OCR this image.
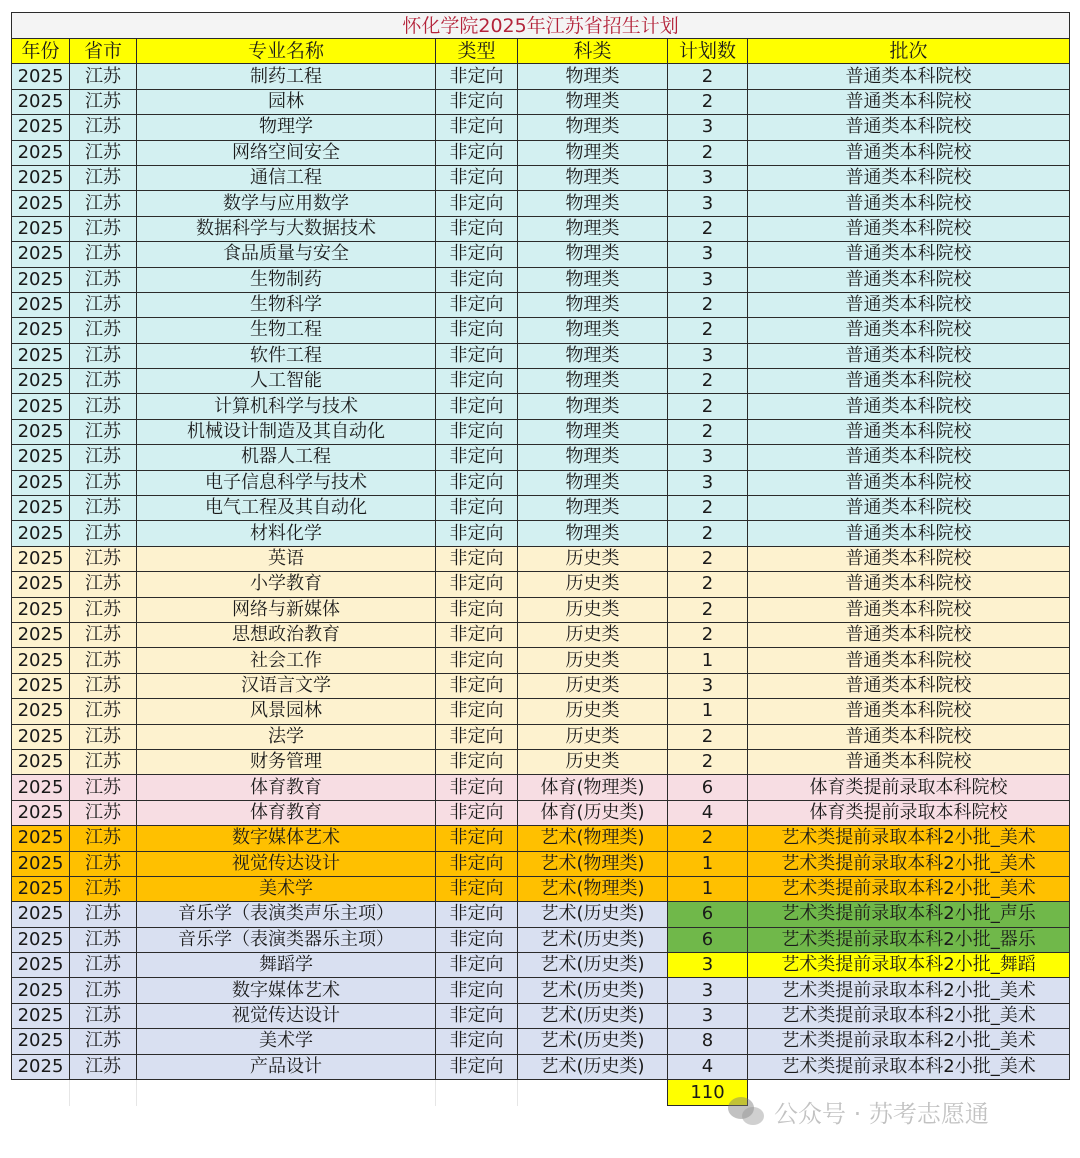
怀化学院2025年江苏省招生计划						
年份	省市	专业名称	类型	科类	计划数	批次
2025	江苏	制药工程	非定向	物理类	2	普通类本科院校
2025	江苏	园林	非定向	物理类	2	普通类本科院校
2025	江苏	物理学	非定向	物理类	3	普通类本科院校
2025	江苏	网络空间安全	非定向	物理类	2	普通类本科院校
2025	江苏	通信工程	非定向	物理类	3	普通类本科院校
2025	江苏	数学与应用数学	非定向	物理类	3	普通类本科院校
2025	江苏	数据科学与大数据技术	非定向	物理类	2	普通类本科院校
2025	江苏	食品质量与安全	非定向	物理类	3	普通类本科院校
2025	江苏	生物制药	非定向	物理类	3	普通类本科院校
2025	江苏	生物科学	非定向	物理类	2	普通类本科院校
2025	江苏	生物工程	非定向	物理类	2	普通类本科院校
2025	江苏	软件工程	非定向	物理类	3	普通类本科院校
2025	江苏	人工智能	非定向	物理类	2	普通类本科院校
2025	江苏	计算机科学与技术	非定向	物理类	2	普通类本科院校
2025	江苏	机械设计制造及其自动化	非定向	物理类	2	普通类本科院校
2025	江苏	机器人工程	非定向	物理类	3	普通类本科院校
2025	江苏	电子信息科学与技术	非定向	物理类	3	普通类本科院校
2025	江苏	电气工程及其自动化	非定向	物理类	2	普通类本科院校
2025	江苏	材料化学	非定向	物理类	2	普通类本科院校
2025	江苏	英语	非定向	历史类	2	普通类本科院校
2025	江苏	小学教育	非定向	历史类	2	普通类本科院校
2025	江苏	网络与新媒体	非定向	历史类	2	普通类本科院校
2025	江苏	思想政治教育	非定向	历史类	2	普通类本科院校
2025	江苏	社会工作	非定向	历史类	1	普通类本科院校
2025	江苏	汉语言文学	非定向	历史类	3	普通类本科院校
2025	江苏	风景园林	非定向	历史类	1	普通类本科院校
2025	江苏	法学	非定向	历史类	2	普通类本科院校
2025	江苏	财务管理	非定向	历史类	2	普通类本科院校
2025	江苏	体育教育	非定向	体育(物理类)	6	体育类提前录取本科院校
2025	江苏	体育教育	非定向	体育(历史类)	4	体育类提前录取本科院校
2025	江苏	数字媒体艺术	非定向	艺术(物理类)	2	艺术类提前录取本科2小批_美术
2025	江苏	视觉传达设计	非定向	艺术(物理类)	1	艺术类提前录取本科2小批_美术
2025	江苏	美术学	非定向	艺术(物理类)	1	艺术类提前录取本科2小批_美术
2025	江苏	音乐学（表演类声乐主项）	非定向	艺术(历史类)	6	艺术类提前录取本科2小批_声乐
2025	江苏	音乐学（表演类器乐主项）	非定向	艺术(历史类)	6	艺术类提前录取本科2小批_器乐
2025	江苏	舞蹈学	非定向	艺术(历史类)	3	艺术类提前录取本科2小批_舞蹈
2025	江苏	数字媒体艺术	非定向	艺术(历史类)	3	艺术类提前录取本科2小批_美术
2025	江苏	视觉传达设计	非定向	艺术(历史类)	3	艺术类提前录取本科2小批_美术
2025	江苏	美术学	非定向	艺术(历史类)	8	艺术类提前录取本科2小批_美术
2025	江苏	产品设计	非定向	艺术(历史类)	4	艺术类提前录取本科2小批_美术
					110	
公众号 · 苏考志愿通
